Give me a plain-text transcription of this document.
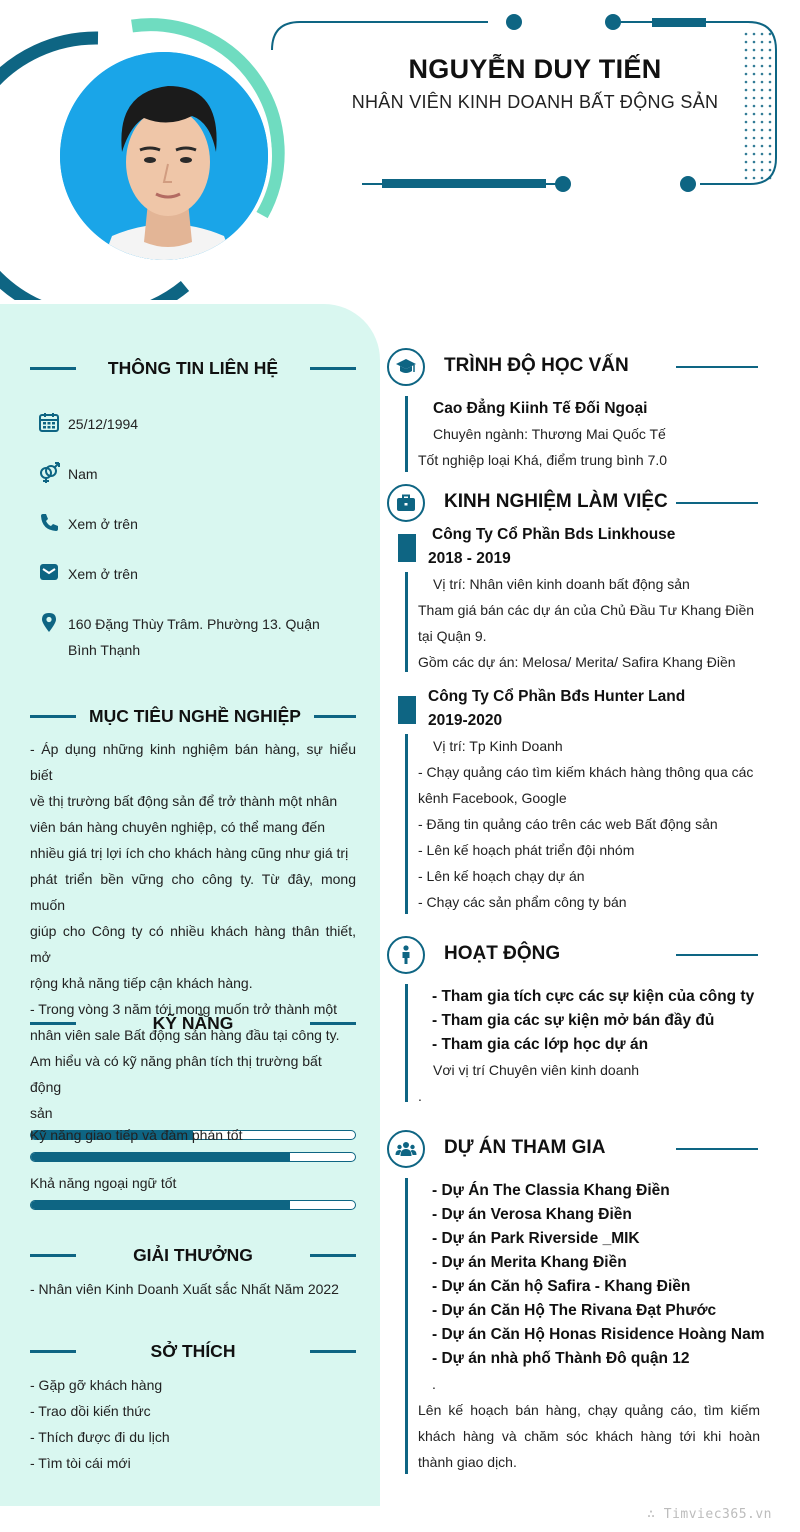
NGUYỄN DUY TIẾN
NHÂN VIÊN KINH DOANH BẤT ĐỘNG SẢN
THÔNG TIN LIÊN HỆ
25/12/1994
Nam
Xem ở trên
Xem ở trên
160 Đặng Thùy Trâm. Phường 13. Quận
Bình Thạnh
MỤC TIÊU NGHỀ NGHIỆP
- Áp dụng những kinh nghiệm bán hàng, sự hiểu biết
về thị trường bất động sản để trở thành một nhân
viên bán hàng chuyên nghiệp, có thể mang đến
nhiều giá trị lợi ích cho khách hàng cũng như giá trị
phát triển bền vững cho công ty. Từ đây, mong muốn
giúp cho Công ty có nhiều khách hàng thân thiết, mở
rộng khả năng tiếp cận khách hàng.
- Trong vòng 3 năm tới mong muốn trở thành một
nhân viên sale Bất động sản hàng đầu tại công ty.
KỸ NĂNG
Am hiểu và có kỹ năng phân tích thị trường bất động
sản
Kỹ năng giao tiếp và đàm phán tốt
Khả năng ngoại ngữ tốt
GIẢI THƯỞNG
- Nhân viên Kinh Doanh Xuất sắc Nhất Năm 2022
SỞ THÍCH
- Gặp gỡ khách hàng
- Trao dồi kiến thức
- Thích được đi du lịch
- Tìm tòi cái mới
TRÌNH ĐỘ HỌC VẤN
Cao Đẳng Kiinh Tế Đối Ngoại
Chuyên ngành: Thương Mai Quốc Tế
Tốt nghiệp loại Khá, điểm trung bình 7.0
KINH NGHIỆM LÀM VIỆC
Công Ty Cổ Phần Bds Linkhouse
2018 - 2019
Vị trí: Nhân viên kinh doanh bất động sản
Tham giá bán các dự án của Chủ Đầu Tư Khang Điền
tại Quận 9.
Gồm các dự án: Melosa/ Merita/ Safira Khang Điền
Công Ty Cổ Phần Bđs Hunter Land
2019-2020
Vị trí: Tp Kinh Doanh
- Chạy quảng cáo tìm kiếm khách hàng thông qua các
kênh Facebook, Google
- Đăng tin quảng cáo trên các web Bất động sản
- Lên kế hoạch phát triển đội nhóm
- Lên kế hoạch chạy dự án
- Chạy các sản phẩm công ty bán
HOẠT ĐỘNG
- Tham gia tích cực các sự kiện của công ty
- Tham gia các sự kiện mở bán đầy đủ
- Tham gia các lớp học dự án
Vơi vị trí Chuyên viên kinh doanh
.
DỰ ÁN THAM GIA
- Dự Án The Classia Khang Điền
- Dự án Verosa Khang Điền
- Dự án Park Riverside _MIK
- Dự án Merita Khang Điền
- Dự án Căn hộ Safira - Khang Điền
- Dự án Căn Hộ The Rivana Đạt Phước
- Dự án Căn Hộ Honas Risidence Hoàng Nam
- Dự án nhà phố Thành Đô quận 12
.
Lên kế hoạch bán hàng, chạy quảng cáo, tìm kiếm
khách hàng và chăm sóc khách hàng tới khi hoàn
thành giao dịch.
∴ Timviec365.vn
